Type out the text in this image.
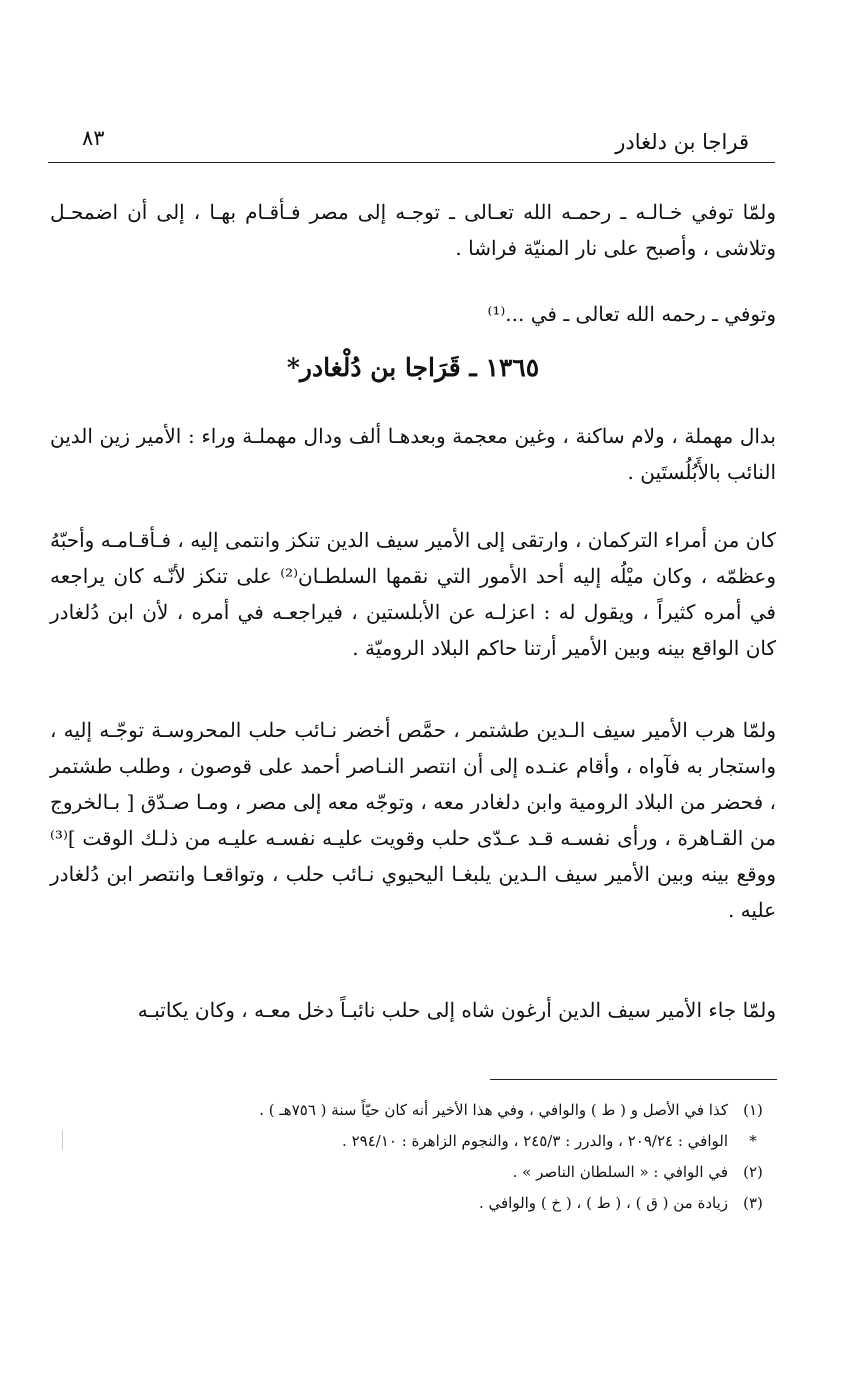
قراجا بن دلغادر
٨٣

ولمّا توفي خـالـه ـ رحمـه الله تعـالى ـ توجـه إلى مصر فـأقـام بهـا ، إلى أن اضمحـل وتلاشى ، وأصبح على نار المنيّة فراشا .

وتوفي ـ رحمه الله تعالى ـ في ...⁽¹⁾

١٣٦٥ ـ قَرَاجا بن دُلْغادر*

بدال مهملة ، ولام ساكنة ، وغين معجمة وبعدهـا ألف ودال مهملـة وراء : الأمير زين الدين النائب بالأَبُلُستَين .

كان من أمراء التركمان ، وارتقى إلى الأمير سيف الدين تنكز وانتمى إليه ، فـأقـامـه وأحبّهُ وعظمّه ، وكان ميْلُه إليه أحد الأمور التي نقمها السلطـان⁽²⁾ على تنكز لأنّـه كان يراجعه في أمره كثيراً ، ويقول له : اعزلـه عن الأبلستين ، فيراجعـه في أمره ، لأن ابن دُلغادر كان الواقع بينه وبين الأمير أرتنا حاكم البلاد الروميّة .

ولمّا هرب الأمير سيف الـدين طشتمر ، حمَّص أخضر نـائب حلب المحروسـة توجّـه إليه ، واستجار به فآواه ، وأقام عنـده إلى أن انتصر النـاصر أحمد على قوصون ، وطلب طشتمر ، فحضر من البلاد الرومية وابن دلغادر معه ، وتوجّه معه إلى مصر ، ومـا صـدّق [ بـالخروج من القـاهرة ، ورأى نفسـه قـد عـدّى حلب وقويت عليـه نفسـه عليـه من ذلـك الوقت ]⁽³⁾ ووقع بينه وبين الأمير سيف الـدين يلبغـا اليحيوي نـائب حلب ، وتواقعـا وانتصر ابن دُلغادر عليه .

ولمّا جاء الأمير سيف الدين أرغون شاه إلى حلب نائبـاً دخل معـه ، وكان يكاتبـه

(١)
كذا في الأصل و ( ط ) والوافي ، وفي هذا الأخير أنه كان حيّاً سنة ( ٧٥٦هـ ) .
*
الوافي : ٢٠٩/٢٤ ، والدرر : ٢٤٥/٣ ، والنجوم الزاهرة : ٢٩٤/١٠ .
(٢)
في الوافي : « السلطان الناصر » .
(٣)
زيادة من ( ق ) ، ( ط ) ، ( خ ) والوافي .
